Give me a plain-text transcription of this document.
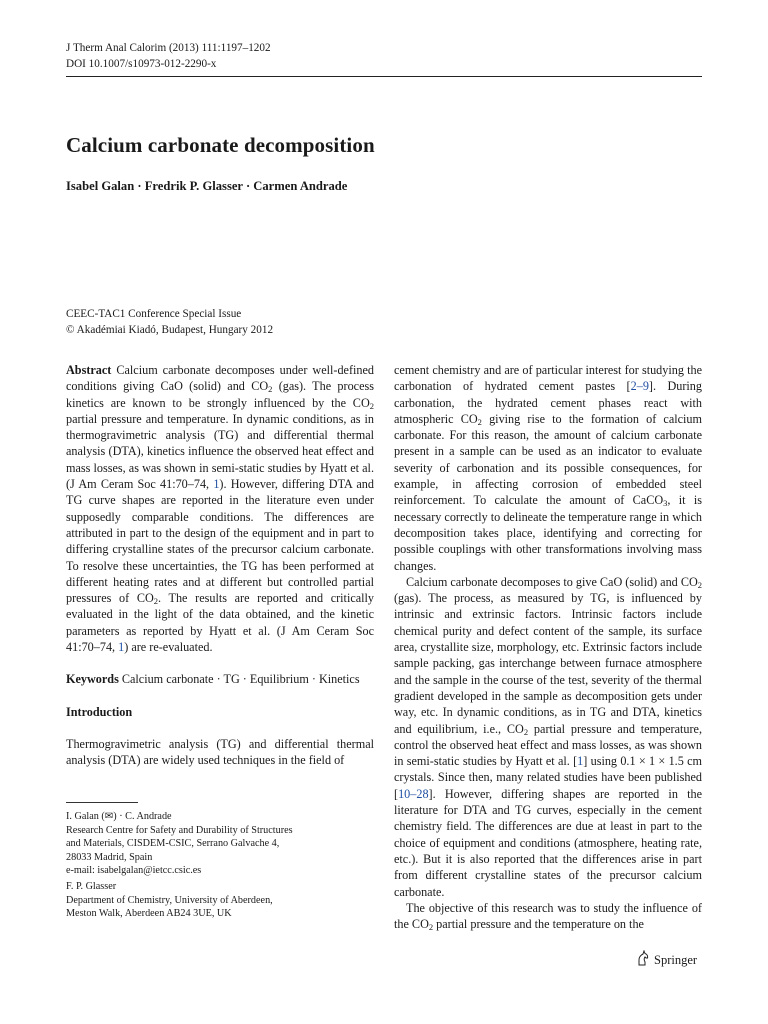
J Therm Anal Calorim (2013) 111:1197–1202
DOI 10.1007/s10973-012-2290-x
Calcium carbonate decomposition
Isabel Galan · Fredrik P. Glasser · Carmen Andrade
CEEC-TAC1 Conference Special Issue
© Akadémiai Kiadó, Budapest, Hungary 2012

Abstract Calcium carbonate decomposes under well-defined conditions giving CaO (solid) and $CO_2$ (gas). The process kinetics are known to be strongly influenced by the $CO_2$ partial pressure and temperature. In dynamic conditions, as in thermogravimetric analysis (TG) and differential thermal analysis (DTA), kinetics influence the observed heat effect and mass losses, as was shown in semi-static studies by Hyatt et al. (J Am Ceram Soc 41:70–74, 1). However, differing DTA and TG curve shapes are reported in the literature even under supposedly comparable conditions. The differences are attributed in part to the design of the equipment and in part to differing crystalline states of the precursor calcium carbonate. To resolve these uncertainties, the TG has been performed at different heating rates and at different but controlled partial pressures of $CO_2$. The results are reported and critically evaluated in the light of the data obtained, and the kinetic parameters as reported by Hyatt et al. (J Am Ceram Soc 41:70–74, 1) are re-evaluated.

Keywords Calcium carbonate · TG · Equilibrium · Kinetics

Introduction

Thermogravimetric analysis (TG) and differential thermal analysis (DTA) are widely used techniques in the field of

cement chemistry and are of particular interest for studying the carbonation of hydrated cement pastes [2–9]. During carbonation, the hydrated cement phases react with atmospheric $CO_2$ giving rise to the formation of calcium carbonate. For this reason, the amount of calcium carbonate present in a sample can be used as an indicator to evaluate severity of carbonation and its possible consequences, for example, in affecting corrosion of embedded steel reinforcement. To calculate the amount of CaCO$_3$, it is necessary correctly to delineate the temperature range in which decomposition takes place, identifying and correcting for possible couplings with other transformations involving mass changes.

Calcium carbonate decomposes to give CaO (solid) and $CO_2$ (gas). The process, as measured by TG, is influenced by intrinsic and extrinsic factors. Intrinsic factors include chemical purity and defect content of the sample, its surface area, crystallite size, morphology, etc. Extrinsic factors include sample packing, gas interchange between furnace atmosphere and the sample in the course of the test, severity of the thermal gradient developed in the sample as decomposition gets under way, etc. In dynamic conditions, as in TG and DTA, kinetics and equilibrium, i.e., $CO_2$ partial pressure and temperature, control the observed heat effect and mass losses, as was shown in semi-static studies by Hyatt et al. [1] using 0.1 × 1 × 1.5 cm crystals. Since then, many related studies have been published [10–28]. However, differing shapes are reported in the literature for DTA and TG curves, especially in the cement chemistry field. The differences are due at least in part to the choice of equipment and conditions (atmosphere, heating rate, etc.). But it is also reported that the differences arise in part from different crystalline states of the precursor calcium carbonate.

The objective of this research was to study the influence of the $CO_2$ partial pressure and the temperature on the

I. Galan (✉) · C. Andrade
Research Centre for Safety and Durability of Structures
and Materials, CISDEM-CSIC, Serrano Galvache 4,
28033 Madrid, Spain
e-mail: isabelgalan@ietcc.csic.es
F. P. Glasser
Department of Chemistry, University of Aberdeen,
Meston Walk, Aberdeen AB24 3UE, UK
Springer
